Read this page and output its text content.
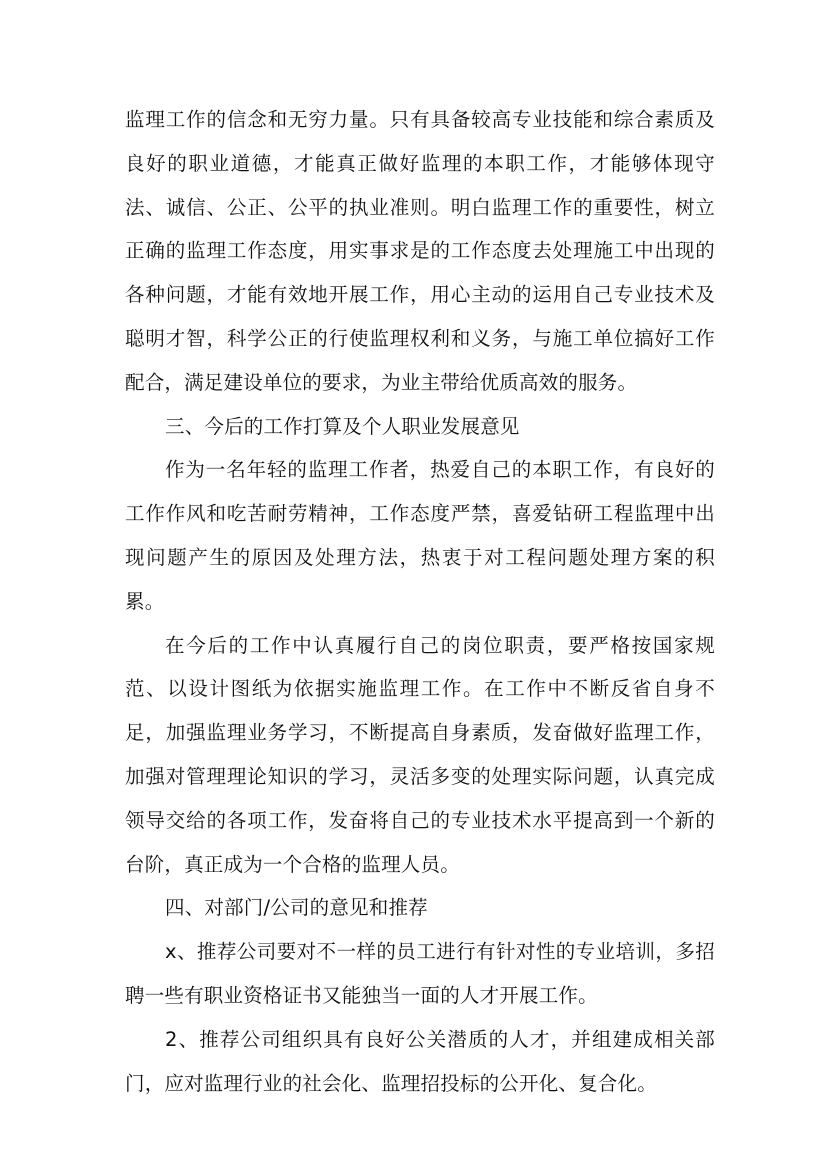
监理工作的信念和无穷力量。只有具备较高专业技能和综合素质及良好的职业道德，才能真正做好监理的本职工作，才能够体现守法、诚信、公正、公平的执业准则。明白监理工作的重要性，树立正确的监理工作态度，用实事求是的工作态度去处理施工中出现的各种问题，才能有效地开展工作，用心主动的运用自己专业技术及聪明才智，科学公正的行使监理权利和义务，与施工单位搞好工作配合，满足建设单位的要求，为业主带给优质高效的服务。

三、今后的工作打算及个人职业发展意见

作为一名年轻的监理工作者，热爱自己的本职工作，有良好的工作作风和吃苦耐劳精神，工作态度严禁，喜爱钻研工程监理中出现问题产生的原因及处理方法，热衷于对工程问题处理方案的积累。

在今后的工作中认真履行自己的岗位职责，要严格按国家规范、以设计图纸为依据实施监理工作。在工作中不断反省自身不足，加强监理业务学习，不断提高自身素质，发奋做好监理工作，加强对管理理论知识的学习，灵活多变的处理实际问题，认真完成领导交给的各项工作，发奋将自己的专业技术水平提高到一个新的台阶，真正成为一个合格的监理人员。

四、对部门/公司的意见和推荐

x、推荐公司要对不一样的员工进行有针对性的专业培训，多招聘一些有职业资格证书又能独当一面的人才开展工作。

2、推荐公司组织具有良好公关潜质的人才，并组建成相关部门，应对监理行业的社会化、监理招投标的公开化、复合化。
